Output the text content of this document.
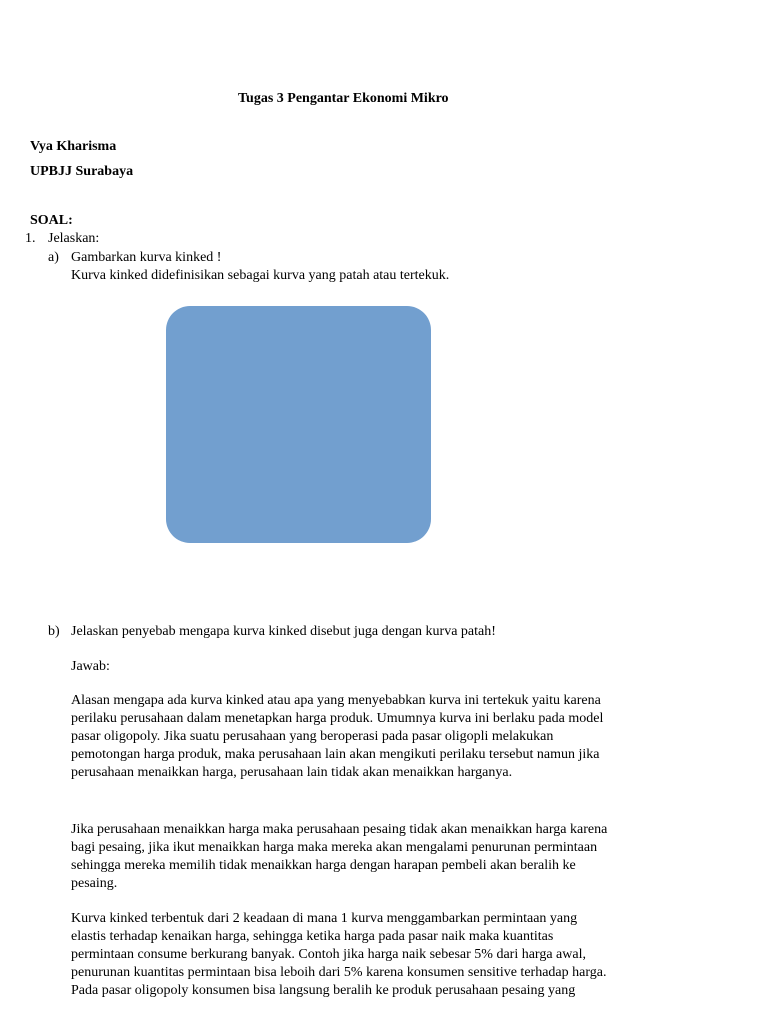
Tugas 3 Pengantar Ekonomi Mikro
Vya Kharisma
UPBJJ Surabaya
SOAL:
1. Jelaskan:
a) Gambarkan kurva kinked !
Kurva kinked didefinisikan sebagai kurva yang patah atau tertekuk.
b) Jelaskan penyebab mengapa kurva kinked disebut juga dengan kurva patah!
Jawab:
Alasan mengapa ada kurva kinked atau apa yang menyebabkan kurva ini tertekuk yaitu karena
perilaku perusahaan dalam menetapkan harga produk. Umumnya kurva ini berlaku pada model
pasar oligopoly. Jika suatu perusahaan yang beroperasi pada pasar oligopli melakukan
pemotongan harga produk, maka perusahaan lain akan mengikuti perilaku tersebut namun jika
perusahaan menaikkan harga, perusahaan lain tidak akan menaikkan harganya.
Jika perusahaan menaikkan harga maka perusahaan pesaing tidak akan menaikkan harga karena
bagi pesaing, jika ikut menaikkan harga maka mereka akan mengalami penurunan permintaan
sehingga mereka memilih tidak menaikkan harga dengan harapan pembeli akan beralih ke
pesaing.
Kurva kinked terbentuk dari 2 keadaan di mana 1 kurva menggambarkan permintaan yang
elastis terhadap kenaikan harga, sehingga ketika harga pada pasar naik maka kuantitas
permintaan consume berkurang banyak. Contoh jika harga naik sebesar 5% dari harga awal,
penurunan kuantitas permintaan bisa leboih dari 5% karena konsumen sensitive terhadap harga.
Pada pasar oligopoly konsumen bisa langsung beralih ke produk perusahaan pesaing yang
